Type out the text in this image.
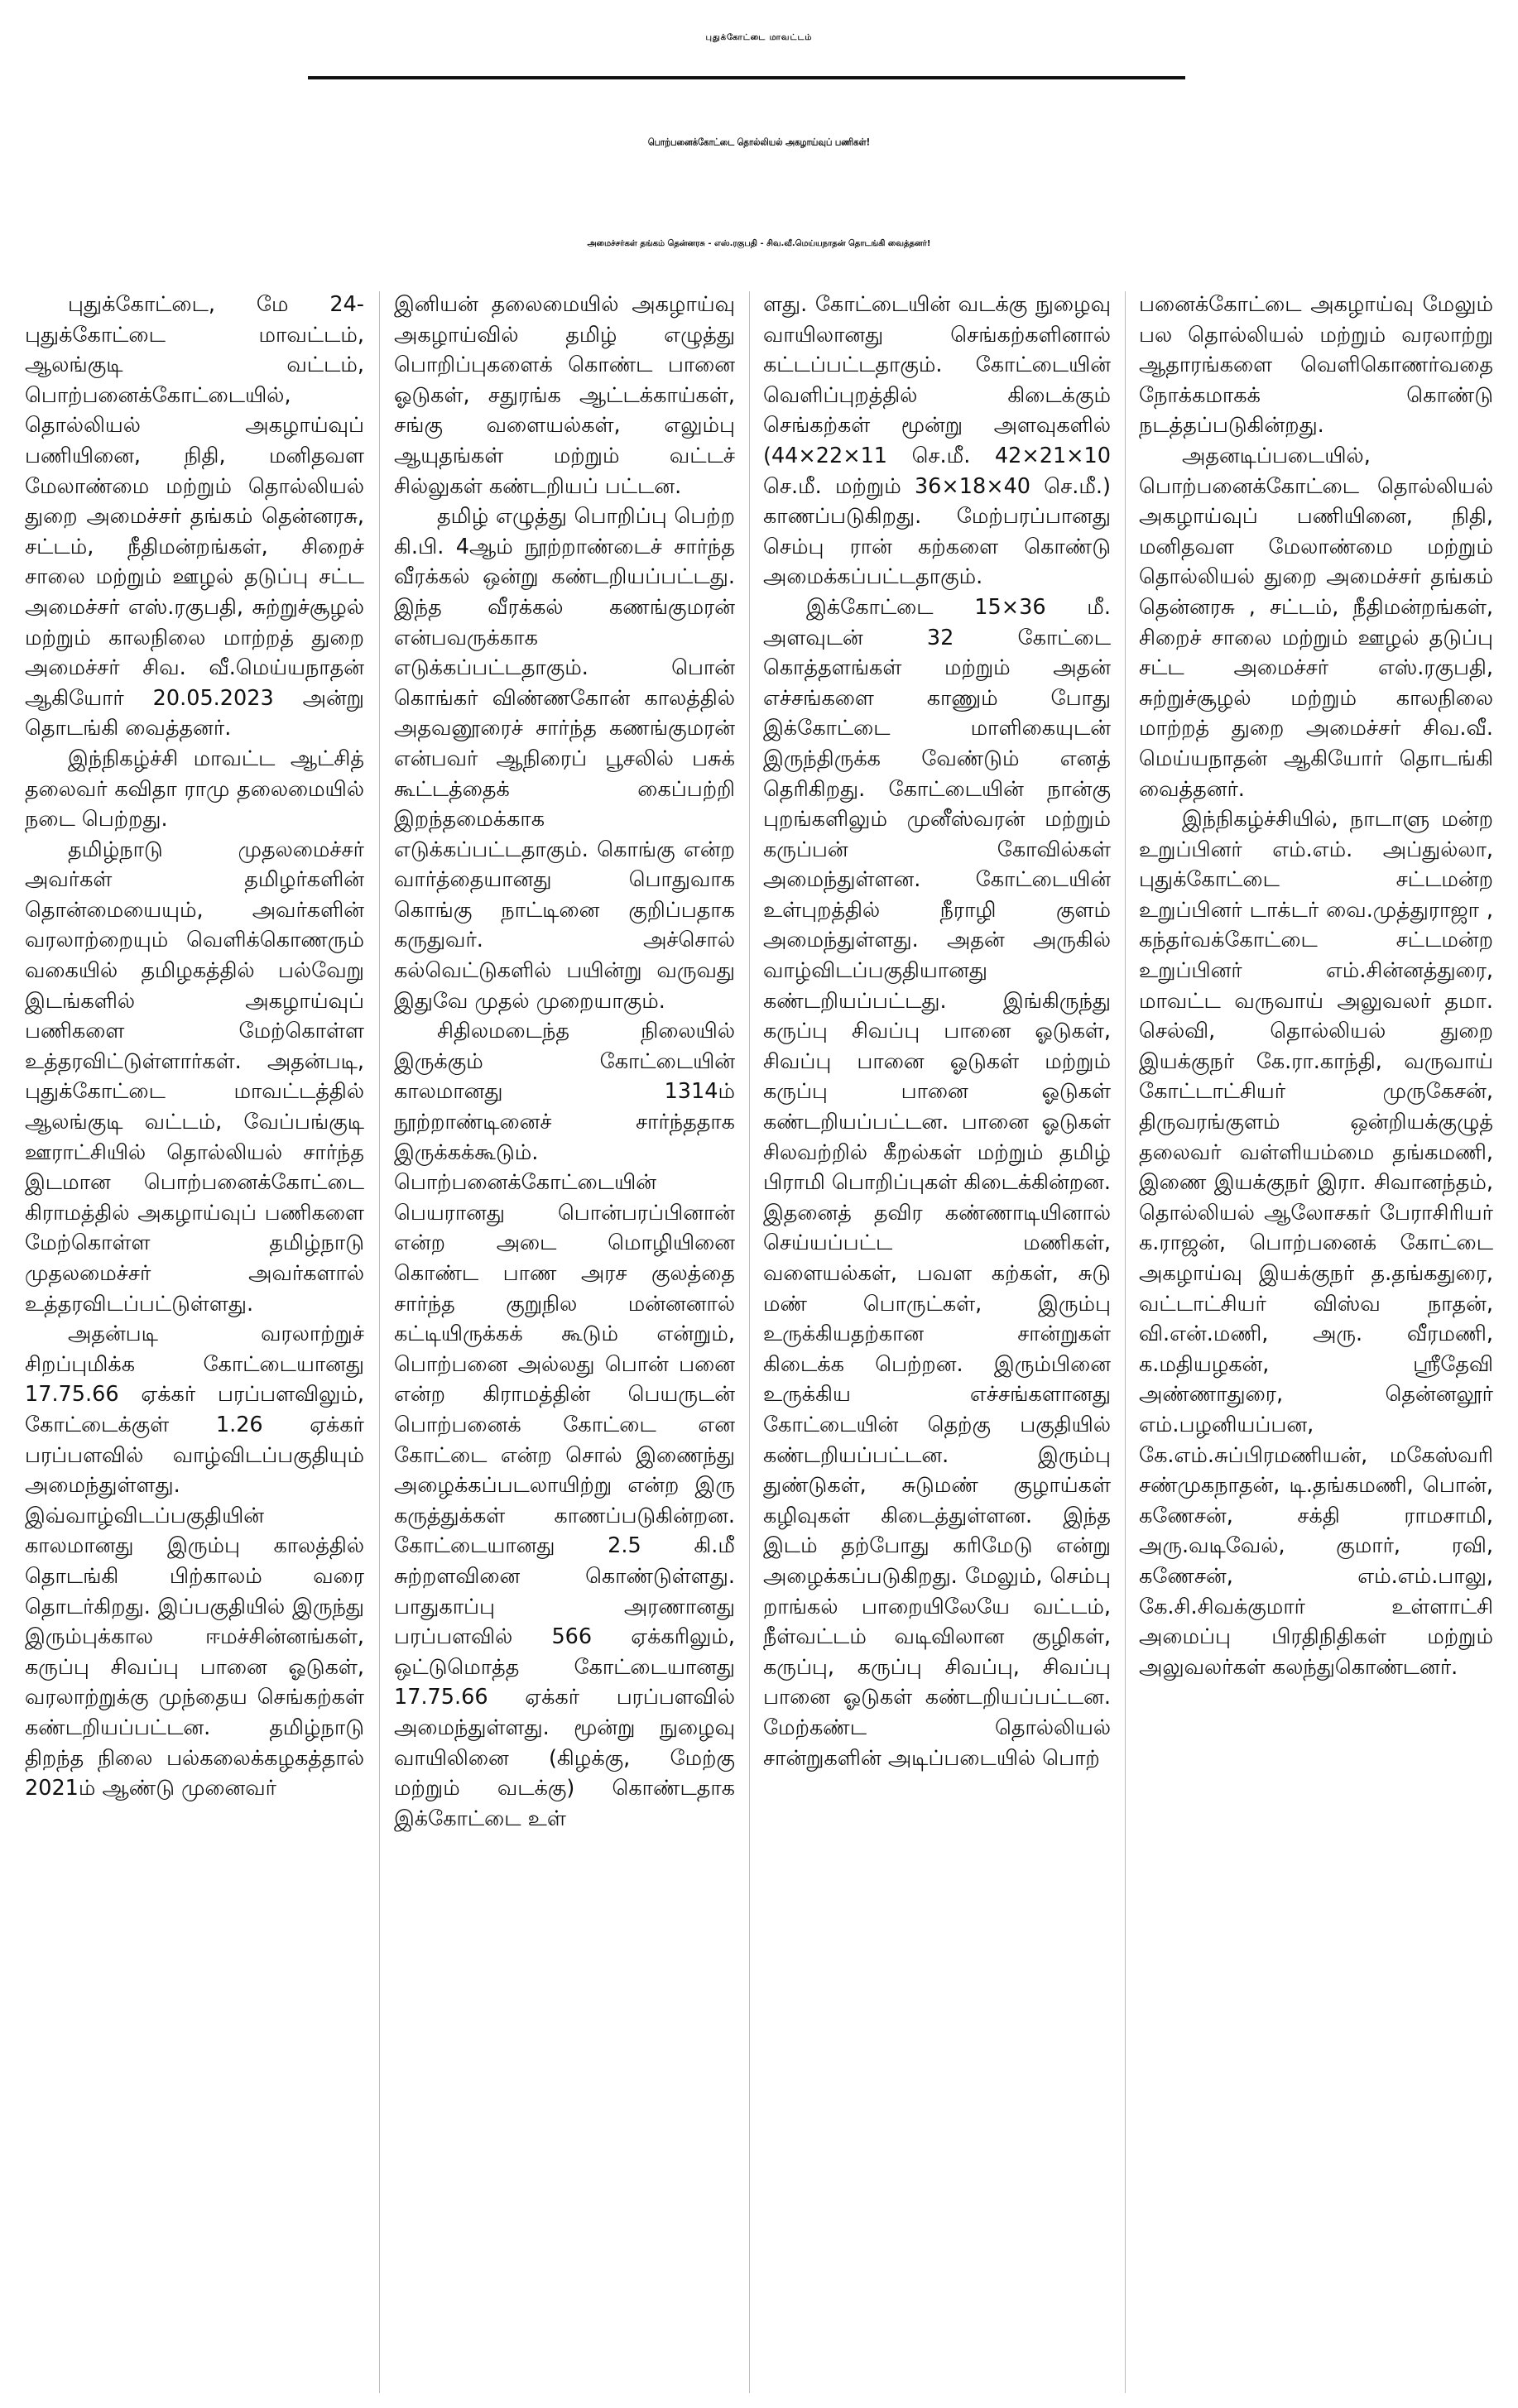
புதுக்கோட்டை மாவட்டம்
பொற்பனைக்கோட்டை தொல்லியல் அகழாய்வுப் பணிகள்!
அமைச்சர்கள் தங்கம் தென்னரசு - எஸ்.ரகுபதி - சிவ.வீ.மெய்யநாதன் தொடங்கி வைத்தனர்!

புதுக்கோட்டை, மே 24- புதுக்கோட்டை மாவட்டம், ஆலங்குடி வட்டம், பொற்பனைக்கோட்டையில், தொல்லியல் அகழாய்வுப் பணியினை, நிதி, மனிதவள மேலாண்மை மற்றும் தொல்லியல் துறை அமைச்சர் தங்கம் தென்னரசு, சட்டம், நீதிமன்றங்கள், சிறைச் சாலை மற்றும் ஊழல் தடுப்பு சட்ட அமைச்சர் எஸ்.ரகுபதி, சுற்றுச்சூழல் மற்றும் காலநிலை மாற்றத் துறை அமைச்சர் சிவ. வீ.மெய்யநாதன் ஆகியோர் 20.05.2023 அன்று தொடங்கி வைத்தனர்.

இந்நிகழ்ச்சி மாவட்ட ஆட்சித் தலைவர் கவிதா ராமு தலைமையில் நடை பெற்றது.

தமிழ்நாடு முதலமைச்சர் அவர்கள் தமிழர்களின் தொன்மையையும், அவர்களின் வரலாற்றையும் வெளிக்கொணரும் வகையில் தமிழகத்தில் பல்வேறு இடங்களில் அகழாய்வுப் பணிகளை மேற்கொள்ள உத்தரவிட்டுள்ளார்கள். அதன்படி, புதுக்கோட்டை மாவட்டத்தில் ஆலங்குடி வட்டம், வேப்பங்குடி ஊராட்சியில் தொல்லியல் சார்ந்த இடமான பொற்பனைக்கோட்டை கிராமத்தில் அகழாய்வுப் பணிகளை மேற்கொள்ள தமிழ்நாடு முதலமைச்சர் அவர்களால் உத்தரவிடப்பட்டுள்ளது.

அதன்படி வரலாற்றுச் சிறப்புமிக்க கோட்டையானது 17.75.66 ஏக்கர் பரப்பளவிலும், கோட்டைக்குள் 1.26 ஏக்கர் பரப்பளவில் வாழ்விடப்பகுதியும் அமைந்துள்ளது. இவ்வாழ்விடப்பகுதியின் காலமானது இரும்பு காலத்தில் தொடங்கி பிற்காலம் வரை தொடர்கிறது. இப்பகுதியில் இருந்து இரும்புக்கால ஈமச்சின்னங்கள், கருப்பு சிவப்பு பானை ஓடுகள், வரலாற்றுக்கு முந்தைய செங்கற்கள் கண்டறியப்பட்டன. தமிழ்நாடு திறந்த நிலை பல்கலைக்கழகத்தால் 2021ம் ஆண்டு முனைவர்

இனியன் தலைமையில் அகழாய்வு அகழாய்வில் தமிழ் எழுத்து பொறிப்புகளைக் கொண்ட பானை ஓடுகள், சதுரங்க ஆட்டக்காய்கள், சங்கு வளையல்கள், எலும்பு ஆயுதங்கள் மற்றும் வட்டச் சில்லுகள் கண்டறியப் பட்டன.

தமிழ் எழுத்து பொறிப்பு பெற்ற கி.பி. 4ஆம் நூற்றாண்டைச் சார்ந்த வீரக்கல் ஒன்று கண்டறியப்பட்டது. இந்த வீரக்கல் கணங்குமரன் என்பவருக்காக எடுக்கப்பட்டதாகும். பொன் கொங்கர் விண்ணகோன் காலத்தில் அதவனூரைச் சார்ந்த கணங்குமரன் என்பவர் ஆநிரைப் பூசலில் பசுக் கூட்டத்தைக் கைப்பற்றி இறந்தமைக்காக எடுக்கப்பட்டதாகும். கொங்கு என்ற வார்த்தையானது பொதுவாக கொங்கு நாட்டினை குறிப்பதாக கருதுவர். அச்சொல் கல்வெட்டுகளில் பயின்று வருவது இதுவே முதல் முறையாகும்.

சிதிலமடைந்த நிலையில் இருக்கும் கோட்டையின் காலமானது 1314ம் நூற்றாண்டினைச் சார்ந்ததாக இருக்கக்கூடும். பொற்பனைக்கோட்டையின் பெயரானது பொன்பரப்பினான் என்ற அடை மொழியினை கொண்ட பாண அரச குலத்தை சார்ந்த குறுநில மன்னனால் கட்டியிருக்கக் கூடும் என்றும், பொற்பனை அல்லது பொன் பனை என்ற கிராமத்தின் பெயருடன் பொற்பனைக் கோட்டை என கோட்டை என்ற சொல் இணைந்து அழைக்கப்படலாயிற்று என்ற இரு கருத்துக்கள் காணப்படுகின்றன. கோட்டையானது 2.5 கி.மீ சுற்றளவினை கொண்டுள்ளது. பாதுகாப்பு அரணானது பரப்பளவில் 566 ஏக்கரிலும், ஒட்டுமொத்த கோட்டையானது 17.75.66 ஏக்கர் பரப்பளவில் அமைந்துள்ளது. மூன்று நுழைவு வாயிலினை (கிழக்கு, மேற்கு மற்றும் வடக்கு) கொண்டதாக இக்கோட்டை உள்

ளது. கோட்டையின் வடக்கு நுழைவு வாயிலானது செங்கற்களினால் கட்டப்பட்டதாகும். கோட்டையின் வெளிப்புறத்தில் கிடைக்கும் செங்கற்கள் மூன்று அளவுகளில் (44×22×11 செ.மீ. 42×21×10 செ.மீ. மற்றும் 36×18×40 செ.மீ.) காணப்படுகிறது. மேற்பரப்பானது செம்பு ரான் கற்களை கொண்டு அமைக்கப்பட்டதாகும்.

இக்கோட்டை 15×36 மீ. அளவுடன் 32 கோட்டை கொத்தளங்கள் மற்றும் அதன் எச்சங்களை காணும் போது இக்கோட்டை மாளிகையுடன் இருந்திருக்க வேண்டும் எனத் தெரிகிறது. கோட்டையின் நான்கு புறங்களிலும் முனீஸ்வரன் மற்றும் கருப்பன் கோவில்கள் அமைந்துள்ளன. கோட்டையின் உள்புறத்தில் நீராழி குளம் அமைந்துள்ளது. அதன் அருகில் வாழ்விடப்பகுதியானது கண்டறியப்பட்டது. இங்கிருந்து கருப்பு சிவப்பு பானை ஓடுகள், சிவப்பு பானை ஓடுகள் மற்றும் கருப்பு பானை ஓடுகள் கண்டறியப்பட்டன. பானை ஓடுகள் சிலவற்றில் கீறல்கள் மற்றும் தமிழ் பிராமி பொறிப்புகள் கிடைக்கின்றன. இதனைத் தவிர கண்ணாடியினால் செய்யப்பட்ட மணிகள், வளையல்கள், பவள கற்கள், சுடு மண் பொருட்கள், இரும்பு உருக்கியதற்கான சான்றுகள் கிடைக்க பெற்றன. இரும்பினை உருக்கிய எச்சங்களானது கோட்டையின் தெற்கு பகுதியில் கண்டறியப்பட்டன. இரும்பு துண்டுகள், சுடுமண் குழாய்கள் கழிவுகள் கிடைத்துள்ளன. இந்த இடம் தற்போது கரிமேடு என்று அழைக்கப்படுகிறது. மேலும், செம்பு றாங்கல் பாறையிலேயே வட்டம், நீள்வட்டம் வடிவிலான குழிகள், கருப்பு, கருப்பு சிவப்பு, சிவப்பு பானை ஓடுகள் கண்டறியப்பட்டன. மேற்கண்ட தொல்லியல் சான்றுகளின் அடிப்படையில் பொற்

பனைக்கோட்டை அகழாய்வு மேலும் பல தொல்லியல் மற்றும் வரலாற்று ஆதாரங்களை வெளிகொணர்வதை நோக்கமாகக் கொண்டு நடத்தப்படுகின்றது.

அதனடிப்படையில், பொற்பனைக்கோட்டை தொல்லியல் அகழாய்வுப் பணியினை, நிதி, மனிதவள மேலாண்மை மற்றும் தொல்லியல் துறை அமைச்சர் தங்கம் தென்னரசு , சட்டம், நீதிமன்றங்கள், சிறைச் சாலை மற்றும் ஊழல் தடுப்பு சட்ட அமைச்சர் எஸ்.ரகுபதி, சுற்றுச்சூழல் மற்றும் காலநிலை மாற்றத் துறை அமைச்சர் சிவ.வீ. மெய்யநாதன் ஆகியோர் தொடங்கி வைத்தனர்.

இந்நிகழ்ச்சியில், நாடாளு மன்ற உறுப்பினர் எம்.எம். அப்துல்லா, புதுக்கோட்டை சட்டமன்ற உறுப்பினர் டாக்டர் வை.முத்துராஜா , கந்தர்வக்கோட்டை சட்டமன்ற உறுப்பினர் எம்.சின்னத்துரை, மாவட்ட வருவாய் அலுவலர் தமா. செல்வி, தொல்லியல் துறை இயக்குநர் கே.ரா.காந்தி, வருவாய் கோட்டாட்சியர் முருகேசன், திருவரங்குளம் ஒன்றியக்குழுத் தலைவர் வள்ளியம்மை தங்கமணி, இணை இயக்குநர் இரா. சிவானந்தம், தொல்லியல் ஆலோசகர் பேராசிரியர் க.ராஜன், பொற்பனைக் கோட்டை அகழாய்வு இயக்குநர் த.தங்கதுரை, வட்டாட்சியர் விஸ்வ நாதன், வி.என்.மணி, அரு. வீரமணி, க.மதியழகன், ஸ்ரீதேவி அண்ணாதுரை, தென்னலூர் எம்.பழனியப்பன, கே.எம்.சுப்பிரமணியன், மகேஸ்வரி சண்முகநாதன், டி.தங்கமணி, பொன், கணேசன், சக்தி ராமசாமி, அரு.வடிவேல், குமார், ரவி, கணேசன், எம்.எம்.பாலு, கே.சி.சிவக்குமார் உள்ளாட்சி அமைப்பு பிரதிநிதிகள் மற்றும் அலுவலர்கள் கலந்துகொண்டனர்.
